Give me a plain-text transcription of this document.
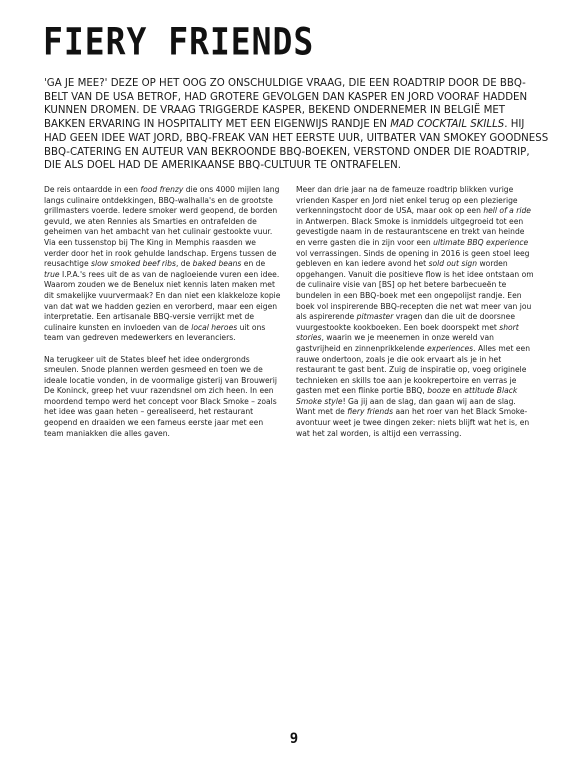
FIERY FRIENDS

'GA JE MEE?' DEZE OP HET OOG ZO ONSCHULDIGE VRAAG, DIE EEN ROADTRIP DOOR DE BBQ-BELT VAN DE USA BETROF, HAD GROTERE GEVOLGEN DAN KASPER EN JORD VOORAF HADDEN KUNNEN DROMEN. DE VRAAG TRIGGERDE KASPER, BEKEND ONDERNEMER IN BELGIË MET BAKKEN ERVARING IN HOSPITALITY MET EEN EIGENWIJS RANDJE EN MAD COCKTAIL SKILLS. HIJ HAD GEEN IDEE WAT JORD, BBQ-FREAK VAN HET EERSTE UUR, UITBATER VAN SMOKEY GOODNESS BBQ-CATERING EN AUTEUR VAN BEKROONDE BBQ-BOEKEN, VERSTOND ONDER DIE ROADTRIP, DIE ALS DOEL HAD DE AMERIKAANSE BBQ-CULTUUR TE ONTRAFELEN.

De reis ontaardde in een food frenzy die ons 4000 mijlen lang langs culinaire ontdekkingen, BBQ-walhalla's en de grootste grillmasters voerde. Iedere smoker werd geopend, de borden gevuld, we aten Rennies als Smarties en ontrafelden de geheimen van het ambacht van het culinair gestookte vuur. Via een tussenstop bij The King in Memphis raasden we verder door het in rook gehulde landschap. Ergens tussen de reusachtige slow smoked beef ribs, de baked beans en de true I.P.A.'s rees uit de as van de nagloeiende vuren een idee. Waarom zouden we de Benelux niet kennis laten maken met dit smakelijke vuurvermaak? En dan niet een klakkeloze kopie van dat wat we hadden gezien en verorberd, maar een eigen interpretatie. Een artisanale BBQ-versie verrijkt met de culinaire kunsten en invloeden van de local heroes uit ons team van gedreven medewerkers en leveranciers.

Na terugkeer uit de States bleef het idee ondergronds smeulen. Snode plannen werden gesmeed en toen we de ideale locatie vonden, in de voormalige gisterij van Brouwerij De Koninck, greep het vuur razendsnel om zich heen. In een moordend tempo werd het concept voor Black Smoke – zoals het idee was gaan heten – gerealiseerd, het restaurant geopend en draaiden we een fameus eerste jaar met een team maniakken die alles gaven.

Meer dan drie jaar na de fameuze roadtrip blikken vurige vrienden Kasper en Jord niet enkel terug op een plezierige verkenningstocht door de USA, maar ook op een hell of a ride in Antwerpen. Black Smoke is inmiddels uitgegroeid tot een gevestigde naam in de restaurantscene en trekt van heinde en verre gasten die in zijn voor een ultimate BBQ experience vol verrassingen. Sinds de opening in 2016 is geen stoel leeg gebleven en kan iedere avond het sold out sign worden opgehangen. Vanuit die positieve flow is het idee ontstaan om de culinaire visie van [BS] op het betere barbecueën te bundelen in een BBQ-boek met een ongepolijst randje. Een boek vol inspirerende BBQ-recepten die net wat meer van jou als aspirerende pitmaster vragen dan die uit de doorsnee vuurgestookte kookboeken. Een boek doorspekt met short stories, waarin we je meenemen in onze wereld van gastvrijheid en zinnenprikkelende experiences. Alles met een rauwe ondertoon, zoals je die ook ervaart als je in het restaurant te gast bent. Zuig de inspiratie op, voeg originele technieken en skills toe aan je kookrepertoire en verras je gasten met een flinke portie BBQ, booze en attitude Black Smoke style! Ga jij aan de slag, dan gaan wij aan de slag. Want met de fiery friends aan het roer van het Black Smoke-avontuur weet je twee dingen zeker: niets blijft wat het is, en wat het zal worden, is altijd een verrassing.

9
